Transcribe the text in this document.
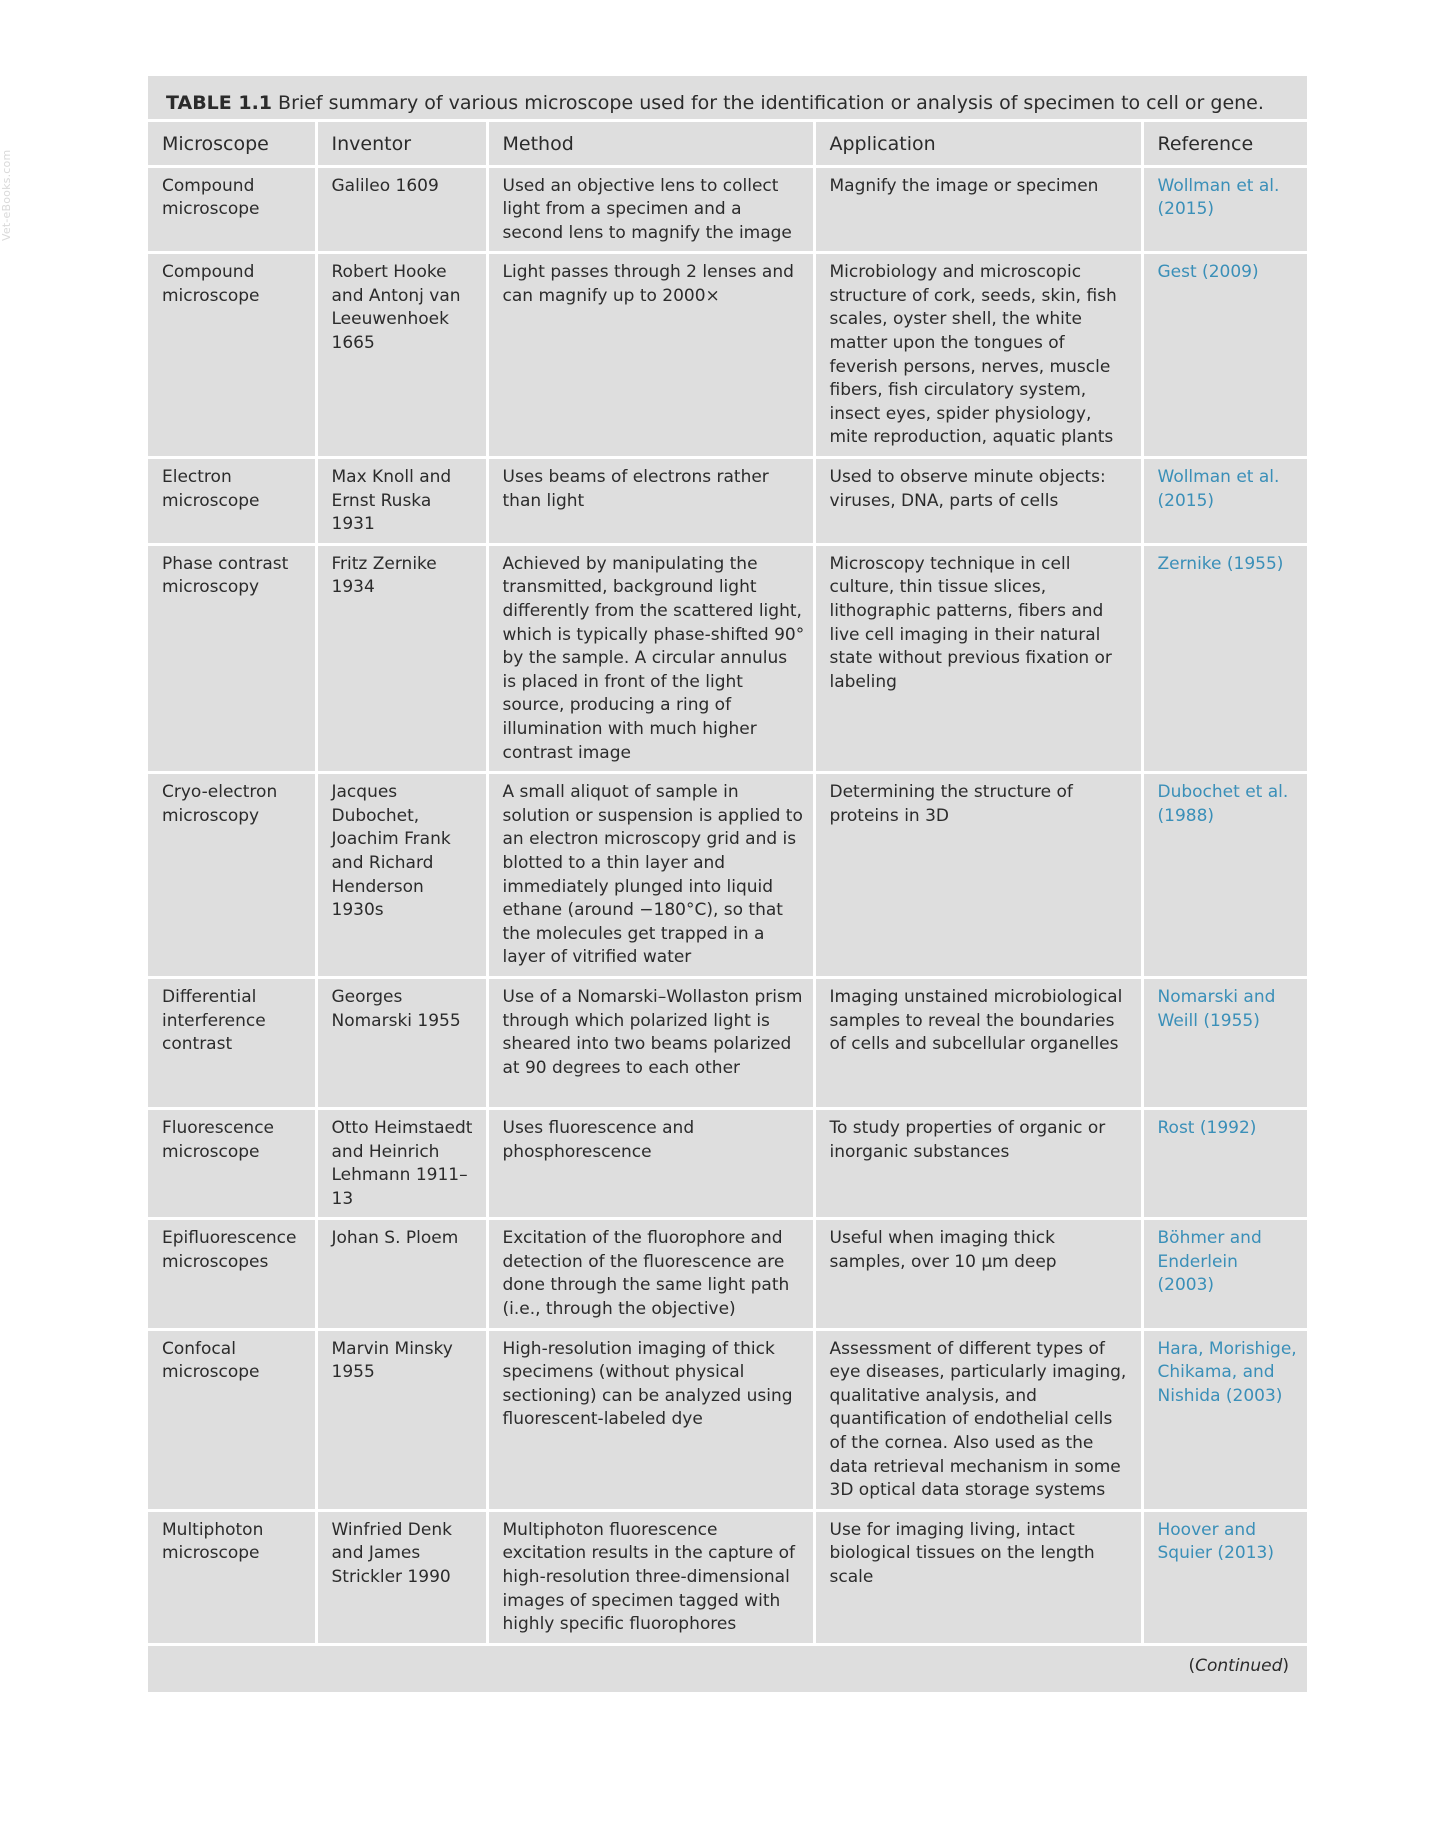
Vet-eBooks.com
TABLE 1.1 Brief summary of various microscope used for the identification or analysis of specimen to cell or gene.
Microscope	Inventor	Method	Application	Reference
Compound microscope	Galileo 1609	Used an objective lens to collect light from a specimen and a second lens to magnify the image	Magnify the image or specimen	Wollman et al. (2015)
Compound microscope	Robert Hooke and Antonj van Leeuwenhoek 1665	Light passes through 2 lenses and can magnify up to 2000×	Microbiology and microscopic structure of cork, seeds, skin, fish scales, oyster shell, the white matter upon the tongues of feverish persons, nerves, muscle fibers, fish circulatory system, insect eyes, spider physiology, mite reproduction, aquatic plants	Gest (2009)
Electron microscope	Max Knoll and Ernst Ruska 1931	Uses beams of electrons rather than light	Used to observe minute objects: viruses, DNA, parts of cells	Wollman et al. (2015)
Phase contrast microscopy	Fritz Zernike 1934	Achieved by manipulating the transmitted, background light differently from the scattered light, which is typically phase-shifted 90° by the sample. A circular annulus is placed in front of the light source, producing a ring of illumination with much higher contrast image	Microscopy technique in cell culture, thin tissue slices, lithographic patterns, fibers and live cell imaging in their natural state without previous fixation or labeling	Zernike (1955)
Cryo-electron microscopy	Jacques Dubochet, Joachim Frank and Richard Henderson 1930s	A small aliquot of sample in solution or suspension is applied to an electron microscopy grid and is blotted to a thin layer and immediately plunged into liquid ethane (around −180°C), so that the molecules get trapped in a layer of vitrified water	Determining the structure of proteins in 3D	Dubochet et al. (1988)
Differential interference contrast	Georges Nomarski 1955	Use of a Nomarski–Wollaston prism through which polarized light is sheared into two beams polarized at 90 degrees to each other	Imaging unstained microbiological samples to reveal the boundaries of cells and subcellular organelles	Nomarski and Weill (1955)
Fluorescence microscope	Otto Heimstaedt and Heinrich Lehmann 1911–13	Uses fluorescence and phosphorescence	To study properties of organic or inorganic substances	Rost (1992)
Epifluorescence microscopes	Johan S. Ploem	Excitation of the fluorophore and detection of the fluorescence are done through the same light path (i.e., through the objective)	Useful when imaging thick samples, over 10 μm deep	Böhmer and Enderlein (2003)
Confocal microscope	Marvin Minsky 1955	High-resolution imaging of thick specimens (without physical sectioning) can be analyzed using fluorescent-labeled dye	Assessment of different types of eye diseases, particularly imaging, qualitative analysis, and quantification of endothelial cells of the cornea. Also used as the data retrieval mechanism in some 3D optical data storage systems	Hara, Morishige, Chikama, and Nishida (2003)
Multiphoton microscope	Winfried Denk and James Strickler 1990	Multiphoton fluorescence excitation results in the capture of high-resolution three-dimensional images of specimen tagged with highly specific fluorophores	Use for imaging living, intact biological tissues on the length scale	Hoover and Squier (2013)
(Continued)
